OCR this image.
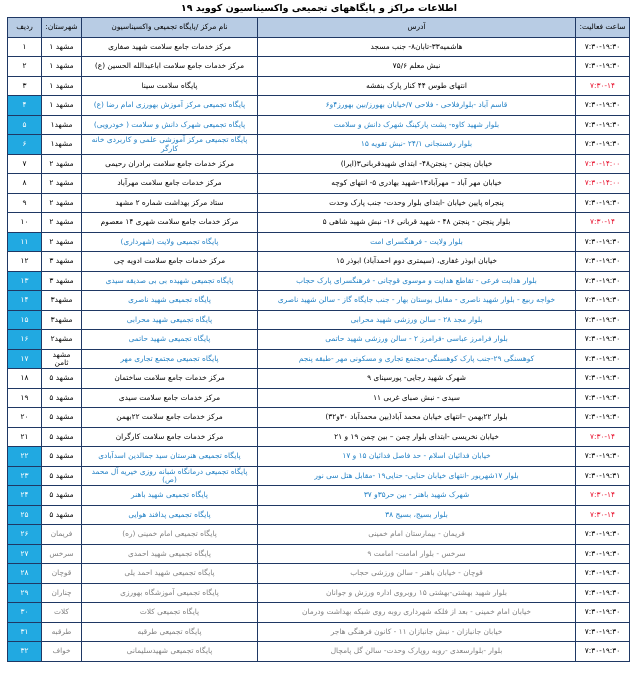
اطلاعات مراکز و پایگاههای تجمیعی واکسیناسیون کووید ۱۹
ساعت فعالیت:	آدرس	نام مرکز /پایگاه تجمیعی واکسیناسیون	شهرستان:	ردیف
۷:۳۰-۱۹:۳۰	هاشمیه۳۳-تابان۸- جنب مسجد	مرکز خدمات جامع سلامت شهید صفاری	مشهد ۱	۱
۷:۳۰-۱۹:۳۰	نبش معلم ۷۵/۶	مرکز خدمات جامع سلامت اباعبدالله الحسین (ع)	مشهد ۱	۲
۷:۳۰-۱۴	انتهای طوس ۴۴ کنار پارک بنفشه	پایگاه سلامت سینا	مشهد ۱	۳
۷:۳۰-۱۹:۳۰	قاسم آباد -بلوارفلاحی - فلاحی ۷/خیابان بهورز/بین بهورز۴و۶	پایگاه تجمیعی مرکز آموزش بهورزی امام رضا (ع)	مشهد ۱	۴
۷:۳۰-۱۹:۳۰	بلوار شهید کاوه- پشت پارکینگ شهرک دانش و سلامت	پایگاه تجمیعی شهرک دانش و سلامت ( خودرویی)	مشهد۱	۵
۷:۳۰-۱۹:۳۰	بلوار رفسنجانی ۲۴/۱ -نبش تقویه ۱۵	پایگاه تجمیعی مرکز آموزشی علمی و کاربردی خانه کارگر	مشهد۱	۶
۷:۳۰-۱۴:۰۰	خیابان پنجتن - پنجتن۴۸- ابتدای شهیدقربانی۳(ایرا)	مرکز خدمات جامع سلامت برادران رحیمی	مشهد ۲	۷
۷:۳۰-۱۴:۰۰	خیابان مهر آباد – مهرآباد۱۳-شهید بهادری ۵- انتهای کوچه	مرکز خدمات جامع سلامت مهرآباد	مشهد ۲	۸
۷:۳۰-۱۹:۳۰	پنجراه پایین خیابان -ابتدای بلوار وحدت- جنب پارک وحدت	ستاد مرکز بهداشت شماره ۲ مشهد	مشهد ۲	۹
۷:۳۰-۱۴	بلوار پنجتن - پنجتن ۴۸ - شهید قربانی ۱۶- نبش شهید شاهی ۵	مرکز خدمات جامع سلامت شهری ۱۴ معصوم	مشهد ۲	۱۰
۷:۳۰-۱۹:۳۰	بلوار ولایت - فرهنگسرای امت	پایگاه تجمیعی ولایت (شهرداری)	مشهد ۲	۱۱
۷:۳۰-۱۹:۳۰	خیابان ابوذر غفاری، (سیمتری دوم احمدآباد) ابوذر ۱۵	مرکز خدمات جامع سلامت ادویه چی	مشهد ۳	۱۲
۷:۳۰-۱۹:۳۰	بلوار هدایت فرعی - تقاطع هدایت و موسوی قوچانی - فرهنگسرای پارک حجاب	پایگاه تجمیعی شهیده بی بی صدیقه سیدی	مشهد ۳	۱۳
۷:۳۰-۱۹:۳۰	خواجه ربیع - بلوار شهید ناصری - مقابل بوستان بهار - جنب جایگاه گاز - سالن شهید ناصری	پایگاه تجمیعی شهید ناصری	مشهد۳	۱۴
۷:۳۰-۱۹:۳۰	بلوار مجد ۲۸ - سالن ورزشی شهید محرابی	پایگاه تجمیعی شهید محرابی	مشهد۳	۱۵
۷:۳۰-۱۹:۳۰	بلوار فرامرز عباسی -فرامرز ۲ - سالن ورزشی شهید حاتمی	پایگاه تجمیعی شهید حاتمی	مشهد۲	۱۶
۷:۳۰-۱۹:۳۰	کوهسنگی ۲۹-جنب پارک کوهسنگی-مجتمع تجاری و مسکونی مهر -طبقه پنجم	پایگاه تجمیعی مجتمع تجاری مهر	مشهد ثامن	۱۷
۷:۳۰-۱۹:۳۰	شهرک شهید رجایی- پورسینای ۹	مرکز خدمات جامع سلامت ساختمان	مشهد ۵	۱۸
۷:۳۰-۱۹:۳۰	سیدی - نبش صبای غربی ۱۱	مرکز خدمات جامع سلامت سیدی	مشهد ۵	۱۹
۷:۳۰-۱۹:۳۰	بلوار ۲۲بهمن –انتهای خیابان محمد آباد(بین محمدآباد ۳۰و۳۲)	مرکز خدمات جامع سلامت ۲۲بهمن	مشهد ۵	۲۰
۷:۳۰-۱۴	خیابان نخریسی -ابتدای بلوار چمن – بین چمن ۱۹ و ۲۱	مرکز خدمات جامع سلامت کارگران	مشهد ۵	۲۱
۷:۳۰-۱۹:۳۰	خیابان فدائیان اسلام - حد فاصل فدائیان ۱۵ و ۱۷	پایگاه تجمیعی هنرستان سید جمالدین اسدآبادی	مشهد ۵	۲۲
۷:۳۰-۱۹:۳۱	بلوار ۱۷شهریور -انتهای خیابان حنایی- حنایی۱۹ -مقابل هتل سی نور	پایگاه تجمیعی درمانگاه شبانه روزی خیریه آل محمد (ص)	مشهد ۵	۲۳
۷:۳۰-۱۴	شهرک شهید باهنر - بین حر۳۵و ۳۷	پایگاه تجمیعی شهید باهنر	مشهد ۵	۲۴
۷:۳۰-۱۴	بلوار بسیج، بسیج ۳۸	پایگاه تجمیعی پدافند هوایی	مشهد ۵	۲۵
۷:۳۰-۱۹:۳۰	فریمان - بیمارستان امام خمینی	پایگاه تجمیعی امام خمینی (ره)	فریمان	۲۶
۷:۳۰-۱۹:۳۰	سرخس - بلوار امامت- امامت ۹	پایگاه تجمیعی شهید احمدی	سرخس	۲۷
۷:۳۰-۱۹:۳۰	قوچان - خیابان باهنر - سالن ورزشی حجاب	پایگاه تجمیعی شهید احمد یلی	قوچان	۲۸
۷:۳۰-۱۹:۳۰	بلوار شهید بهشتی-بهشتی ۱۵ روبروی اداره ورزش و جوانان	پایگاه تجمیعی آموزشگاه بهورزی	چناران	۲۹
۷:۳۰-۱۹:۳۰	خیابان امام خمینی - بعد از فلکه شهرداری روبه روی شبکه بهداشت ودرمان	پایگاه تجمیعی کلات	کلات	۳۰
۷:۳۰-۱۹:۳۰	خیابان جانبازان - نبش جانبازان ۱۱ - کانون فرهنگی هاجر	پایگاه تجمیعی طرقبه	طرقبه	۳۱
۷:۳۰-۱۹:۳۰	بلوار -بلوارسعدی -روبه روپارک وحدت- سالن گل پامچال	پایگاه تجمیعی شهیدسلیمانی	خواف	۳۲
